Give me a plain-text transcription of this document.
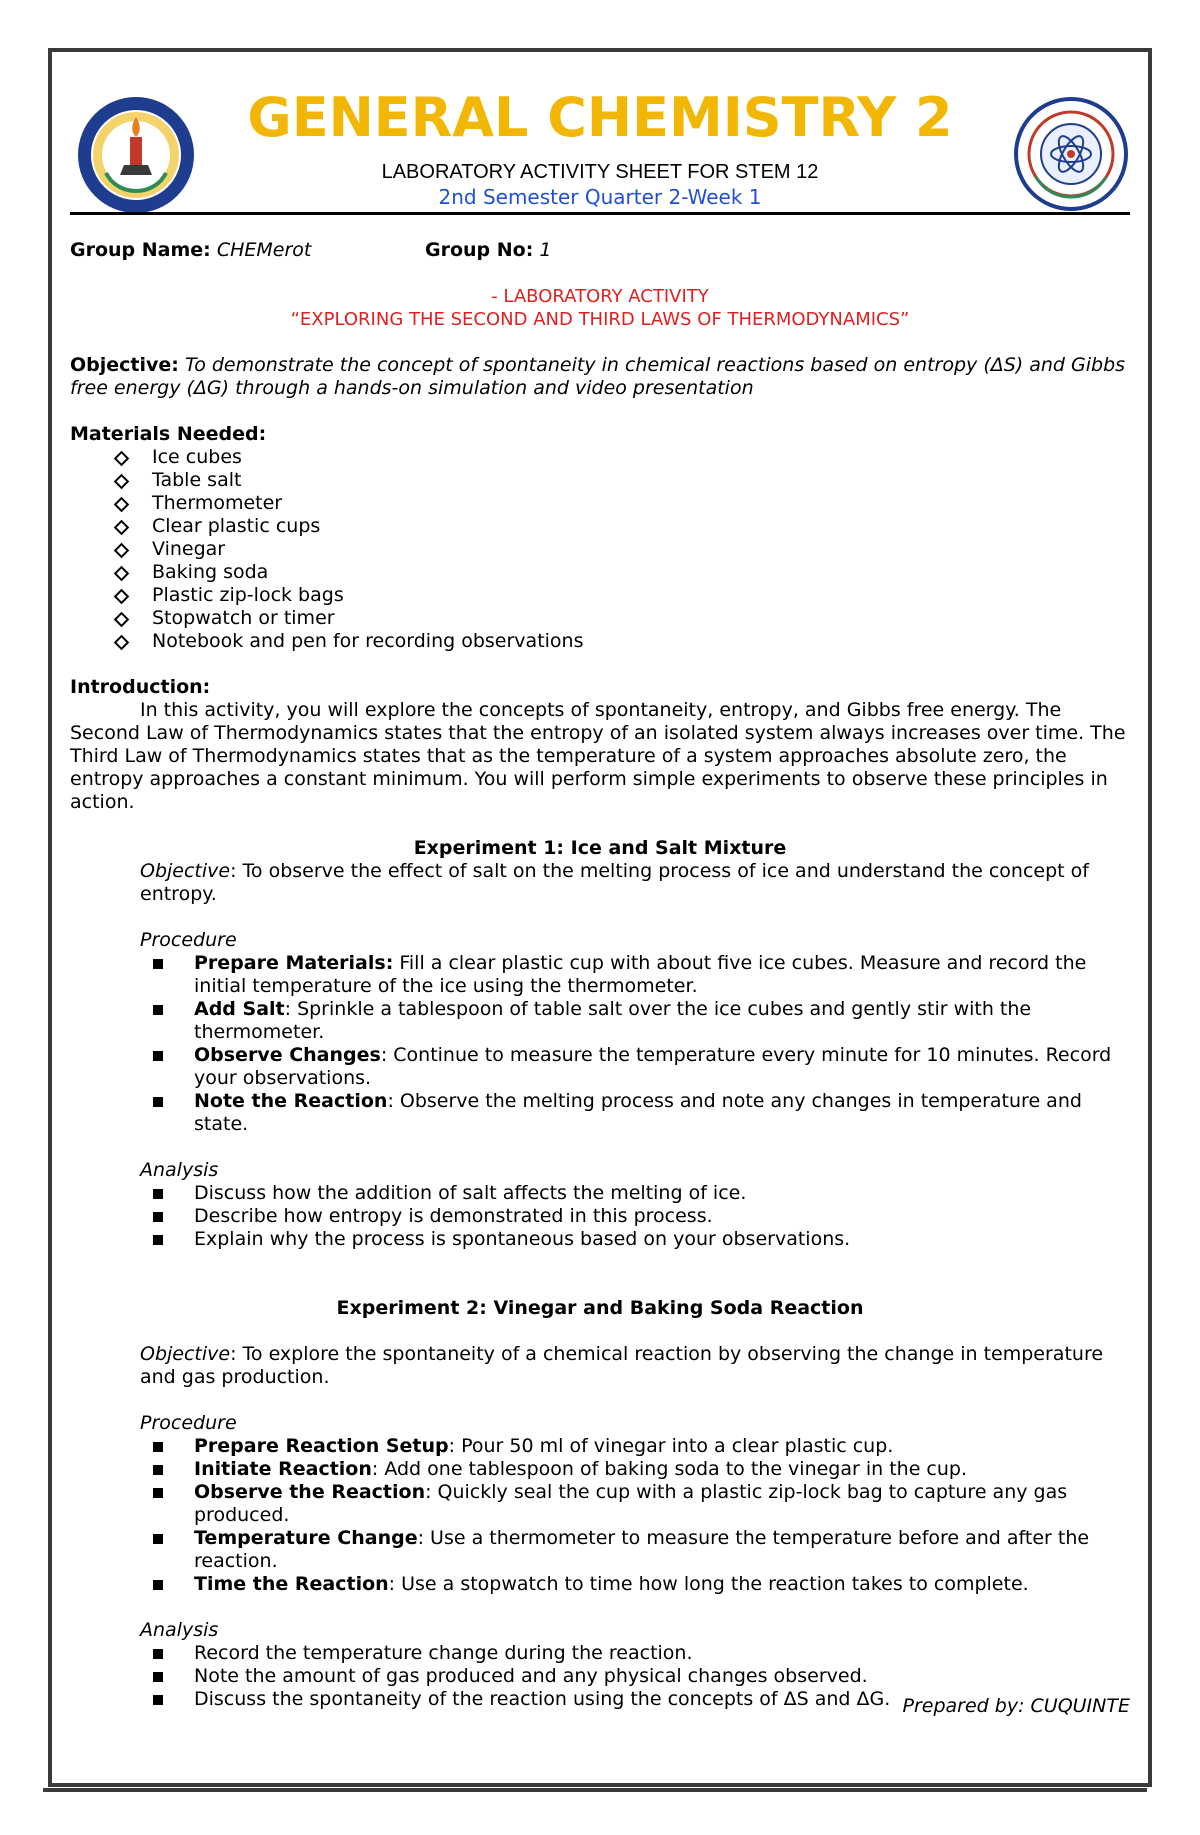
GENERAL CHEMISTRY 2
LABORATORY ACTIVITY SHEET FOR STEM 12
2nd Semester Quarter 2-Week 1
Group Name: CHEMerot	Group No: 1
- LABORATORY ACTIVITY
“EXPLORING THE SECOND AND THIRD LAWS OF THERMODYNAMICS”

Objective: To demonstrate the concept of spontaneity in chemical reactions based on entropy (ΔS) and Gibbs free energy (ΔG) through a hands-on simulation and video presentation

Materials Needed:

Ice cubes
Table salt
Thermometer
Clear plastic cups
Vinegar
Baking soda
Plastic zip-lock bags
Stopwatch or timer
Notebook and pen for recording observations

Introduction:

In this activity, you will explore the concepts of spontaneity, entropy, and Gibbs free energy. The Second Law of Thermodynamics states that the entropy of an isolated system always increases over time. The Third Law of Thermodynamics states that as the temperature of a system approaches absolute zero, the entropy approaches a constant minimum. You will perform simple experiments to observe these principles in action.

Experiment 1: Ice and Salt Mixture

Objective: To observe the effect of salt on the melting process of ice and understand the concept of entropy.

Procedure

Prepare Materials: Fill a clear plastic cup with about five ice cubes. Measure and record the initial temperature of the ice using the thermometer.
Add Salt: Sprinkle a tablespoon of table salt over the ice cubes and gently stir with the thermometer.
Observe Changes: Continue to measure the temperature every minute for 10 minutes. Record your observations.
Note the Reaction: Observe the melting process and note any changes in temperature and state.

Analysis

Discuss how the addition of salt affects the melting of ice.
Describe how entropy is demonstrated in this process.
Explain why the process is spontaneous based on your observations.

Experiment 2: Vinegar and Baking Soda Reaction

Objective: To explore the spontaneity of a chemical reaction by observing the change in temperature and gas production.

Procedure

Prepare Reaction Setup: Pour 50 ml of vinegar into a clear plastic cup.
Initiate Reaction: Add one tablespoon of baking soda to the vinegar in the cup.
Observe the Reaction: Quickly seal the cup with a plastic zip-lock bag to capture any gas produced.
Temperature Change: Use a thermometer to measure the temperature before and after the reaction.
Time the Reaction: Use a stopwatch to time how long the reaction takes to complete.

Analysis

Record the temperature change during the reaction.
Note the amount of gas produced and any physical changes observed.
Discuss the spontaneity of the reaction using the concepts of ΔS and ΔG. Prepared by: CUQUINTE
